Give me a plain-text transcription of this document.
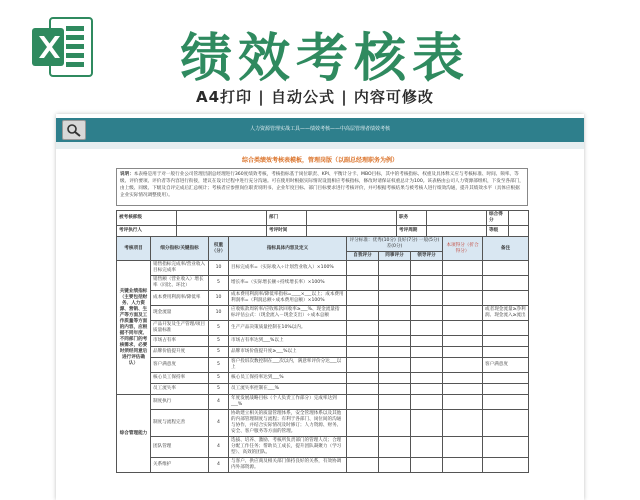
绩效考核表
A4打印 | 自动公式 | 内容可修改
人力资源管理实战工具——绩效考核——中高层管理者绩效考核
综合类绩效考核表模板，管理岗版（以副总经理职务为例）
说明：本表格是用于对一般行业公司管理层副总经理进行360度绩效考核，考核指标基于岗位职责、KPI、平衡计分卡、MBO目标，其中的考核指标、权重及具体释义应与考核标准、时间、频率、等级、评价要项、评价者等内容进行衔接，建议在设计过程中进行充分沟通。可在使用时根据实际情况设置相应考核指标，修改时请保证权重总计为100。该表格由公司人力资源部组织，下发至各部门，由上级、同级、下级及自评完成后汇总统计；考核者应参照岗位职责说明书、企业年度目标、部门目标要求进行考核评价，并可根据考核结果与被考核人进行绩效沟通，提升其绩效水平（具体应根据企业实际情况调整使用）。
被考核部级		部门		职务		综合得分	
考评执行人		考评时间		考评周期		等级	
考核项目	细分指标/关键指标	权重（分）	指标具体内容及定义	评分标准：优秀(10分) 良好(7分) 一般(5分) 差(0分)			本项得分（折合得分）	备注
				自我评分	同事评分	领导评分		
关键业绩指标（主要包括财务、人力资源、营销、生产等方面及工作质量等方面的内容，应根据不同年度、不同部门的考核需求，必要时须经同意后进行评估确认）	销售指标完成率/营业收入目标完成率	10	目标完成率=（实际收入÷计划营业收入）×100%					
	销售额（营业收入）增长率（同比、环比）	5	增长率=（实际增长额÷持续增长率）×100%					
	成本费用利润率/降低率	10	成本费用利润率/降低率指标=____×___以上；成本费用利润率=（利润总额÷成本费用总额）×100%					
	现金流量	10	应收账款周转率/应收账款回收率≥___%、现金流量指标评估公式：（现金流入－现金支出）÷成本总额					或者现金流量≥净利润、现金流入≥流出
	产品开发及生产管理/项目质量标准	5	生产产品决策质量控制在10%以内。					
	市场占有率	5	市场占有率达到___%以上					
	品牌价值提升度	5	品牌市场价值提升度≥___%以上					
	客户满意度	5	客户投诉次数控制在___次以内，满意率评价分达___以上					客户满意度
	核心员工保持率	5	核心员工保持率达到___%					
	员工流失率	5	员工流失率控制在___%					
综合管理能力	制度执行	4	年度发展战略目标（个人负责工作部分）完成率达到___%					
	制度与流程完善	4	协助建立相关的质量管理体系，安全管理体系以及其他的内部管理制度与流程；有利于各部门、岗位间的沟通与协作，并结合实际情况及时修订；人力资源、财务、安全、客户服务等方面的管理。					
	团队管理	4	选拔、培养、激励、考核所负责部门的管理人员；合理分配工作任务；帮助员工成长，提升团队凝聚力（学习型）、高效的团队。					
	关系维护	4	与客户、供应商及相关部门保持良好的关系，有效协调内外部资源。					
